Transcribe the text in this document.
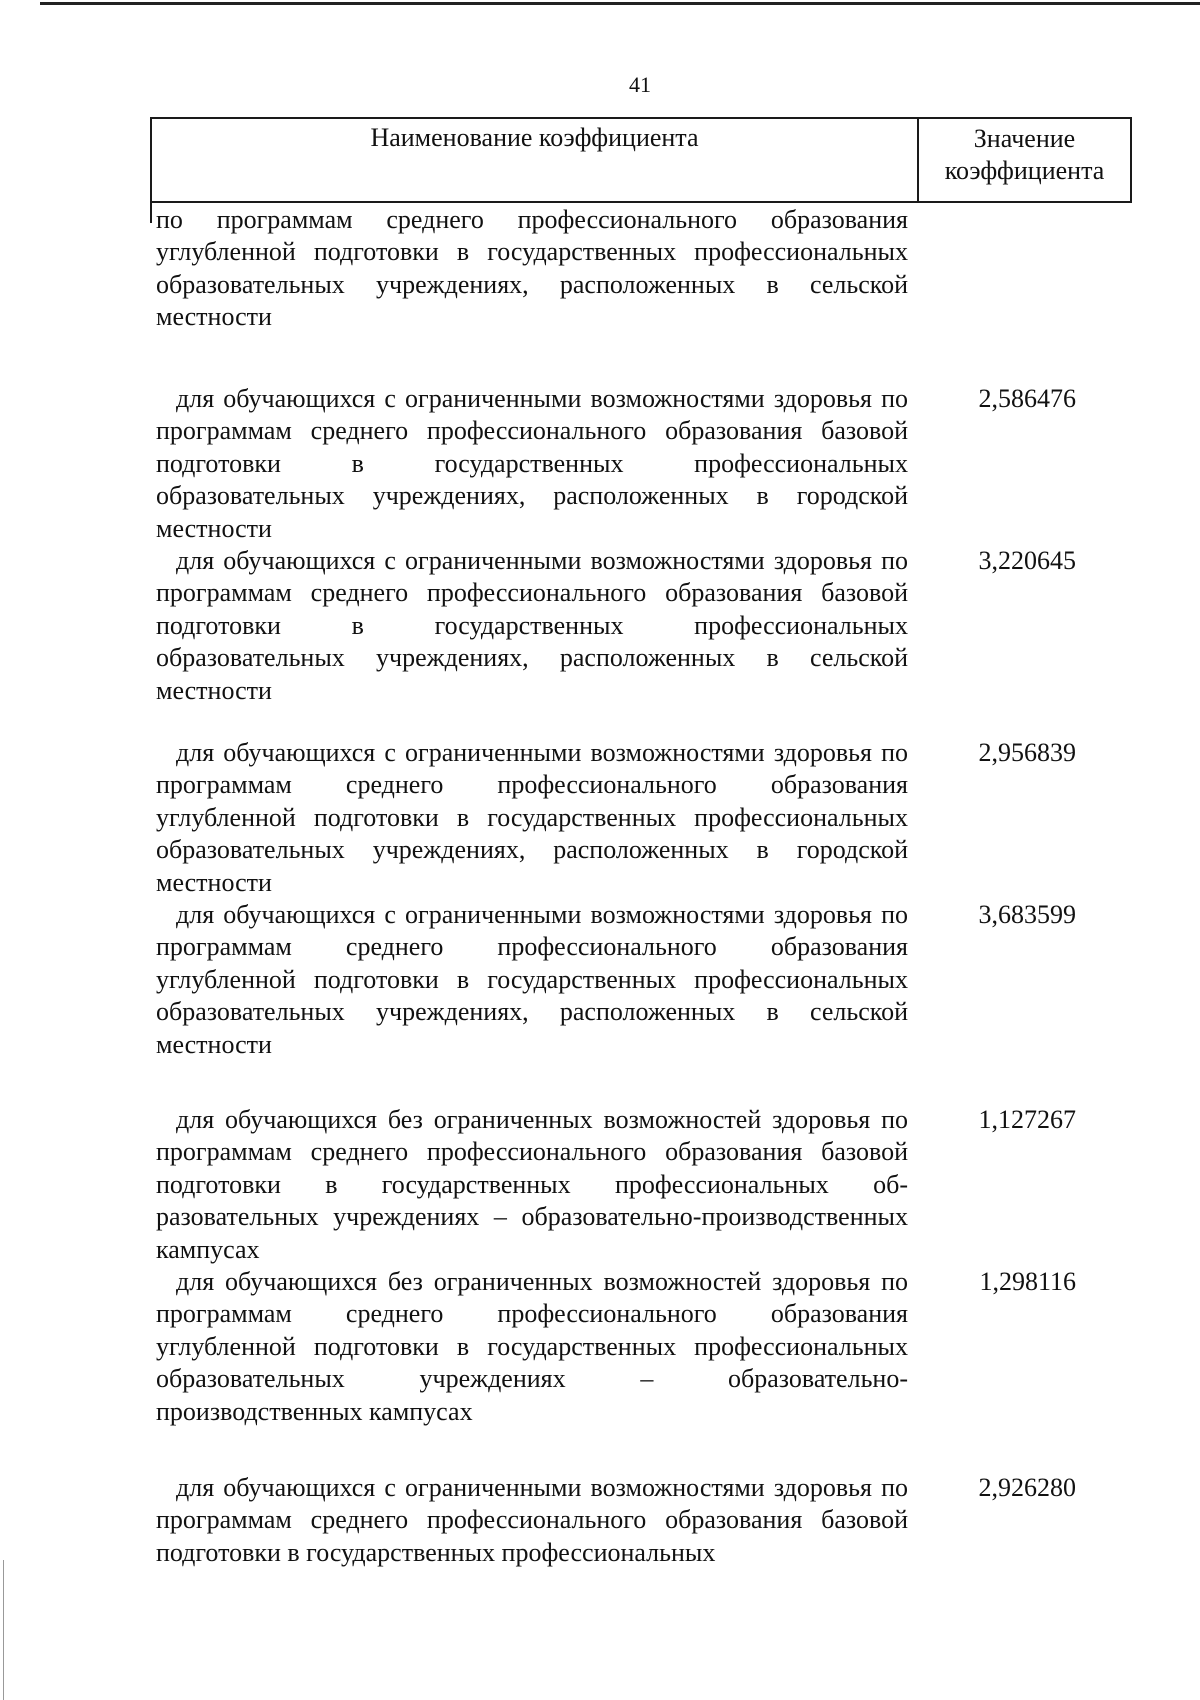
41
Наименование коэффициента	Значение
коэффициента
по программам среднего профессионального образования углубленной подготовки в государственных профессиональных образовательных учреждениях, расположенных в сельской местности
для обучающихся с ограниченными возможностями здоровья по программам среднего профессионального образования базовой подготовки в государственных профессиональных образовательных учреждениях, расположенных в городской местности
2,586476
для обучающихся с ограниченными возможностями здоровья по программам среднего профессионального образования базовой подготовки в государственных профессиональных образовательных учреждениях, расположенных в сельской местности
3,220645
для обучающихся с ограниченными возможностями здоровья по программам среднего профессионального образования углубленной подготовки в государственных профессиональных образовательных учреждениях, расположенных в городской местности
2,956839
для обучающихся с ограниченными возможностями здоровья по программам среднего профессионального образования углубленной подготовки в государственных профессиональных образовательных учреждениях, расположенных в сельской местности
3,683599
для обучающихся без ограниченных возможностей здоровья по программам среднего профессионального образования базовой подготовки в государственных профессиональных образовательных учреждениях – образовательно-производственных кампусах
1,127267
для обучающихся без ограниченных возможностей здоровья по программам среднего профессионального образования углубленной подготовки в государственных профессиональных образовательных учреждениях – образовательно-производственных кампусах
1,298116
для обучающихся с ограниченными возможностями здоровья по программам среднего профессионального образования базовой подготовки в государственных профессиональных
2,926280
